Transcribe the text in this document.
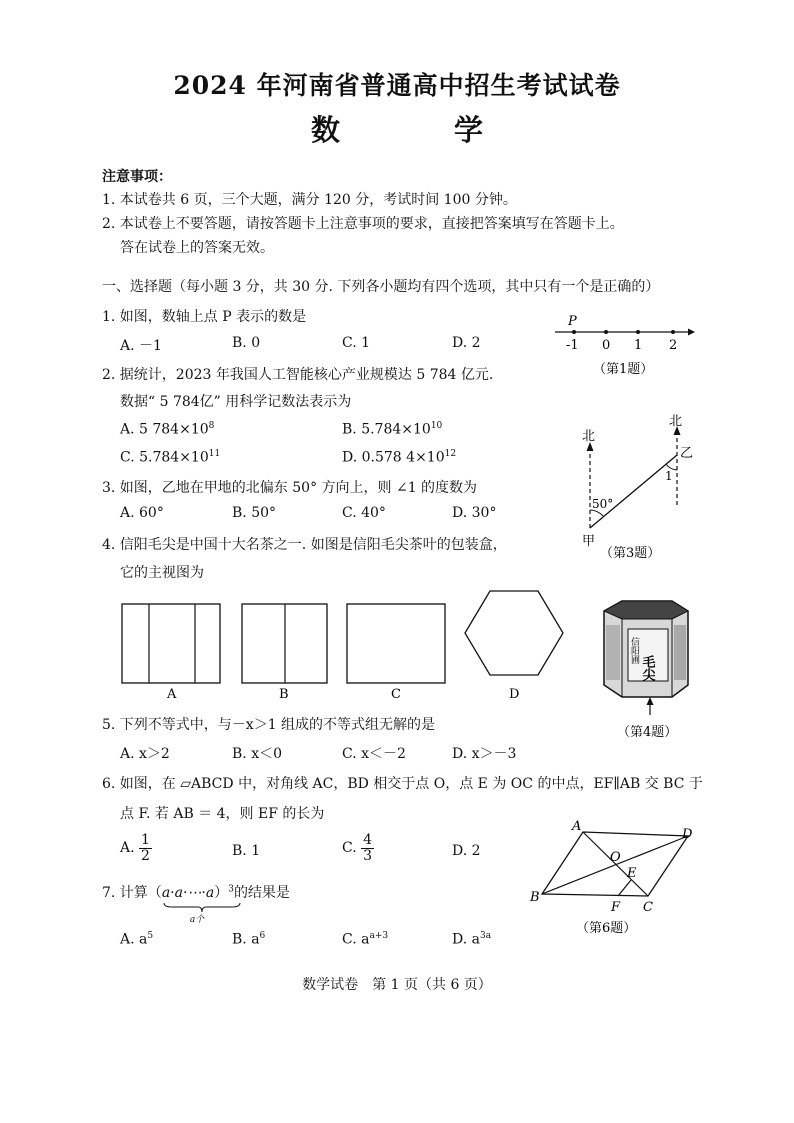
2024 年河南省普通高中招生考试试卷
数 学
注意事项：
1. 本试卷共 6 页，三个大题，满分 120 分，考试时间 100 分钟。
2. 本试卷上不要答题，请按答题卡上注意事项的要求，直接把答案填写在答题卡上。
答在试卷上的答案无效。
一、选择题（每小题 3 分，共 30 分. 下列各小题均有四个选项，其中只有一个是正确的）
1. 如图，数轴上点 P 表示的数是
A. －1	B. 0	C. 1	D. 2
P
-1 0 1 2
（第1题）
2. 据统计，2023 年我国人工智能核心产业规模达 5 784 亿元.
数据“ 5 784亿” 用科学记数法表示为
A. 5 $784\times 10^8$	B. $5.784\times 10^{10}$
C. $5.784\times 10^{11}$	D. 0.578 $4\times 10^{12}$
3. 如图，乙地在甲地的北偏东 50° 方向上，则 ∠1 的度数为
A. 60°	B. 50°	C. 40°	D. 30°
北
北
50°
1
甲
乙
（第3题）
4. 信阳毛尖是中国十大名茶之一. 如图是信阳毛尖茶叶的包装盒，
它的主视图为
A	B	C	D
毛尖
信阳圃
（第4题）
5. 下列不等式中，与－x＞1 组成的不等式组无解的是
A. x＞2	B. x＜0	C. x＜－2	D. x＞－3
6. 如图，在 ▱ABCD 中，对角线 AC，BD 相交于点 O，点 E 为 OC 的中点，EF∥AB 交 BC 于
点 F. 若 AB ＝ 4，则 EF 的长为
A. $\frac{1}{2}$	B. 1	C. $\frac{4}{3}$	D. 2
A
D
O
E
B
F C
（第6题）
7. 计算（a·a·⋯·a
a个
）$^3$的结果是
A. $a^5$	B. $a^6$	C. $a^{a+3}$	D. $a^{3a}$
数学试卷　第 1 页（共 6 页）
